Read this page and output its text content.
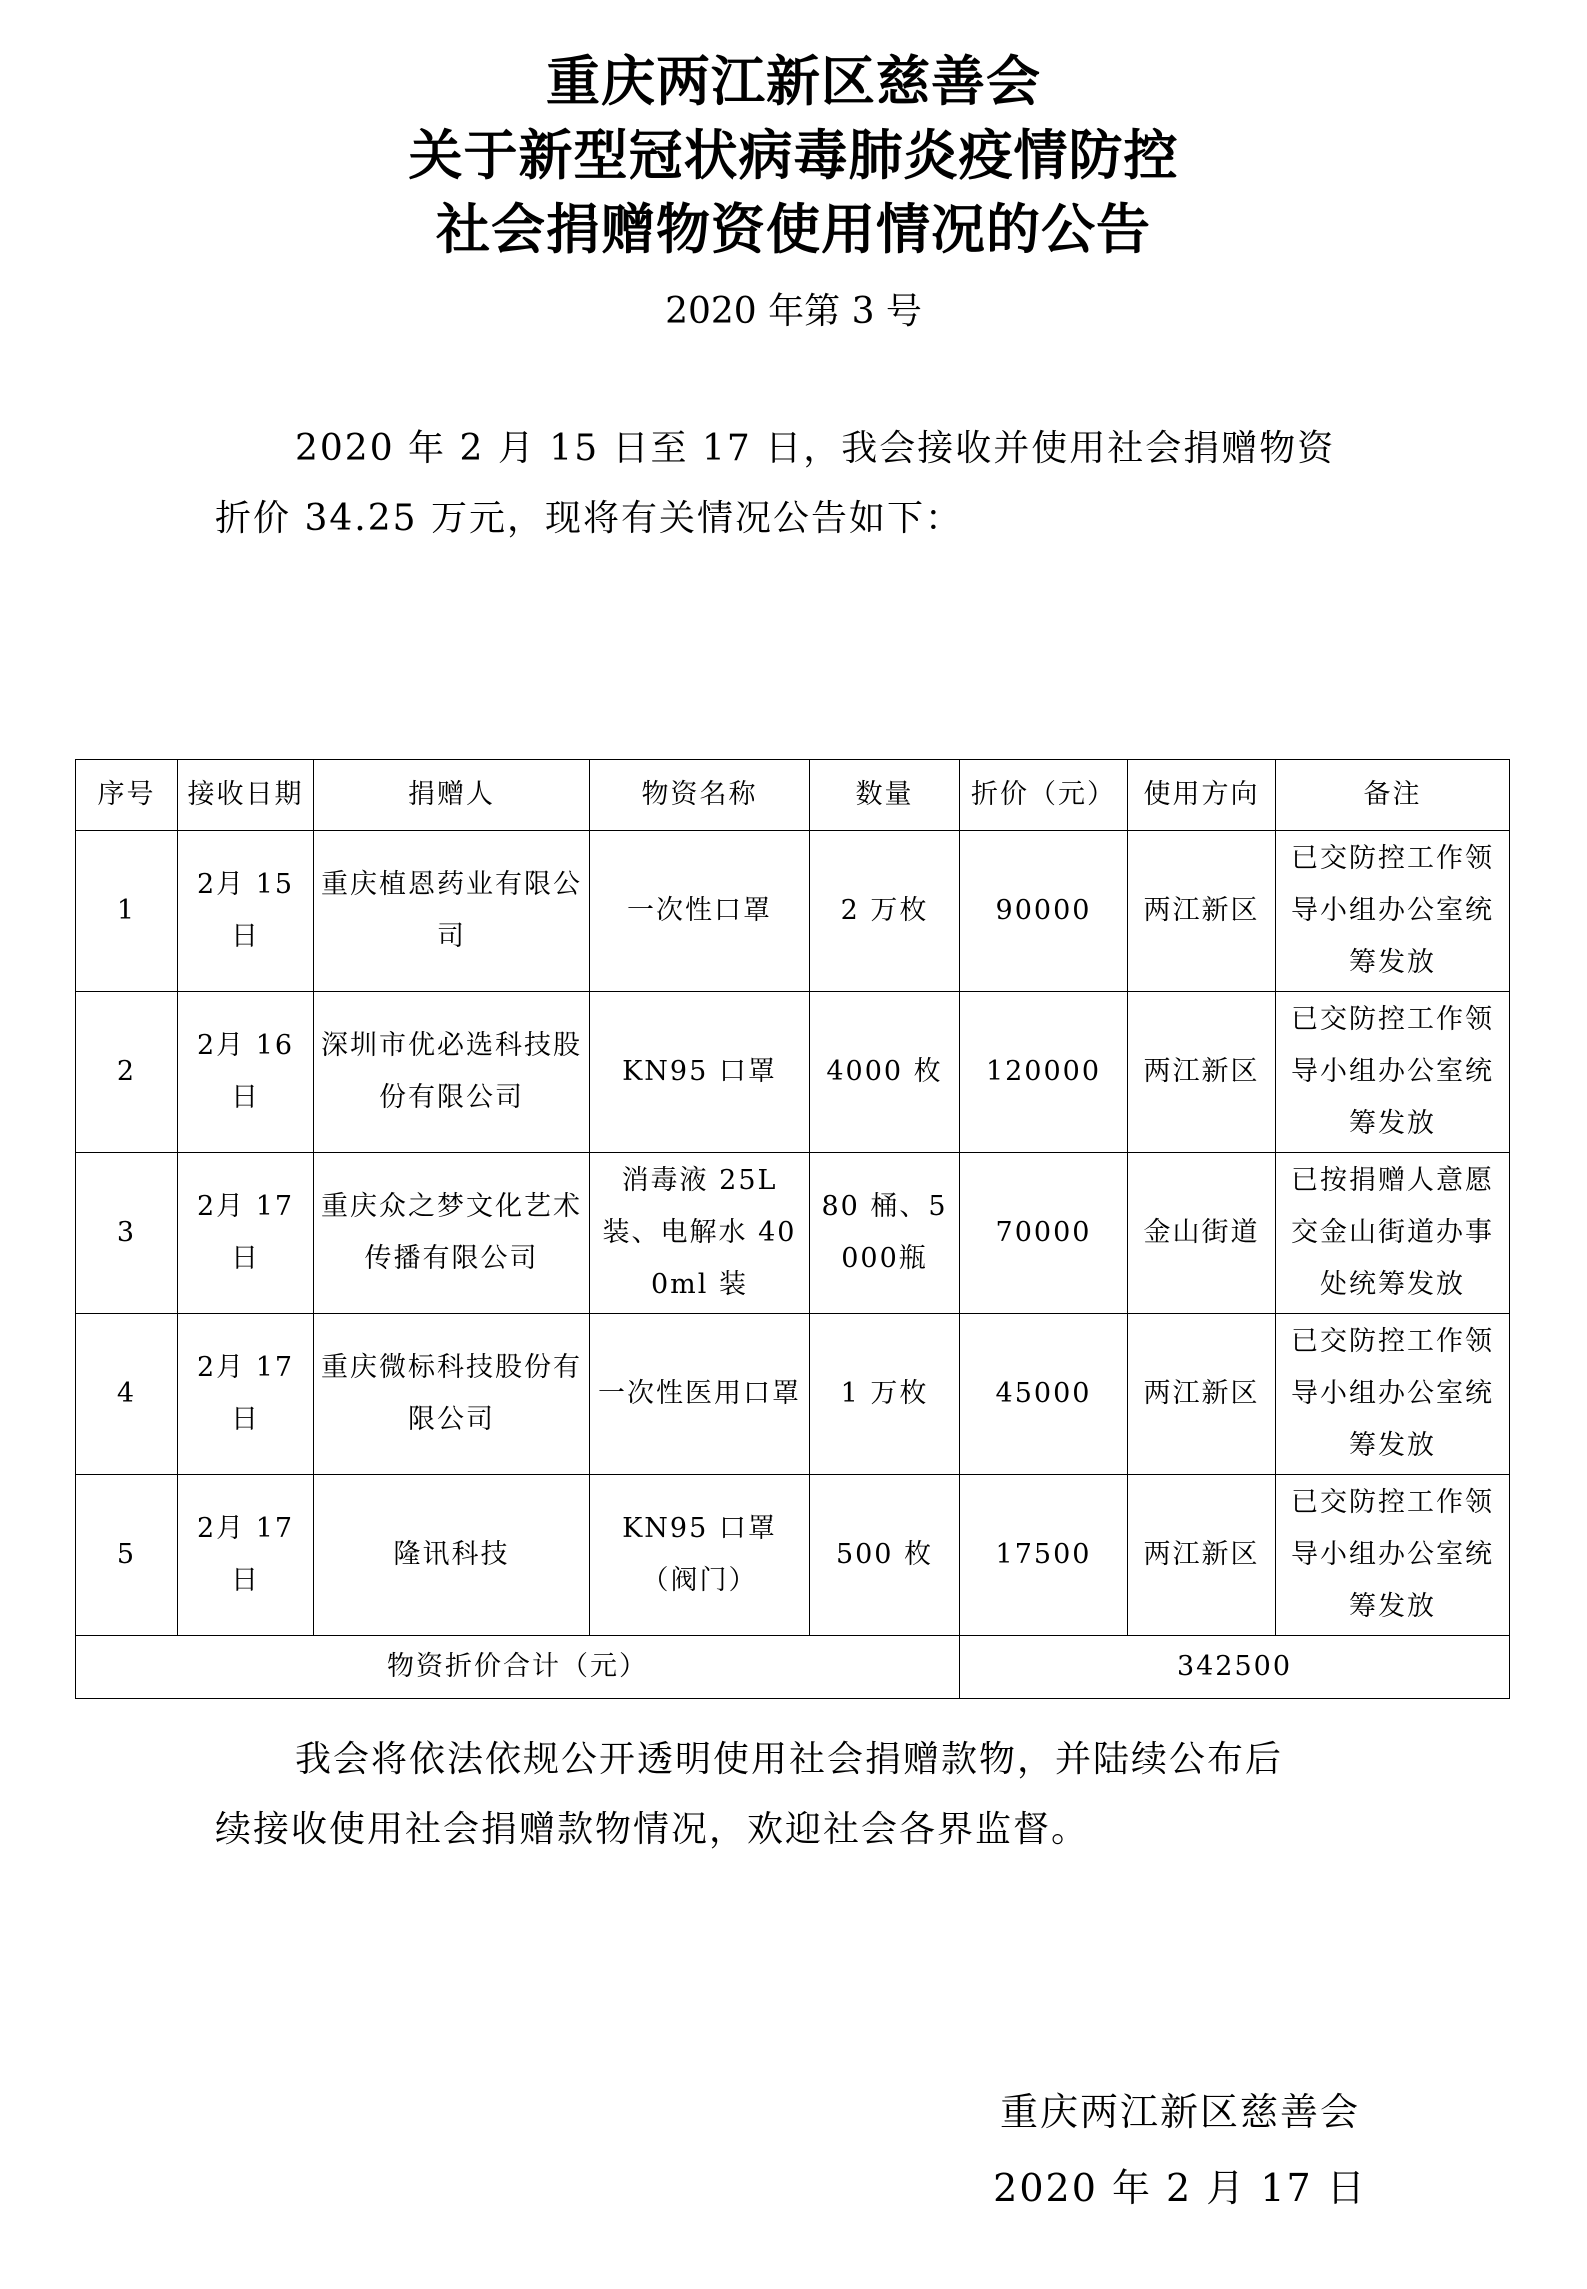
重庆两江新区慈善会
关于新型冠状病毒肺炎疫情防控
社会捐赠物资使用情况的公告
2020 年第 3 号
2020 年 2 月 15 日至 17 日，我会接收并使用社会捐赠物资
折价 34.25 万元，现将有关情况公告如下：
序号	接收日期	捐赠人	物资名称	数量	折价（元）	使用方向	备注
1	2月 15 日	重庆植恩药业有限公司	一次性口罩	2 万枚	90000	两江新区	已交防控工作领导小组办公室统筹发放
2	2月 16 日	深圳市优必选科技股份有限公司	KN95 口罩	4000 枚	120000	两江新区	已交防控工作领导小组办公室统筹发放
3	2月 17 日	重庆众之梦文化艺术传播有限公司	消毒液 25L 装、电解水 400ml 装	80 桶、5000瓶	70000	金山街道	已按捐赠人意愿交金山街道办事处统筹发放
4	2月 17 日	重庆微标科技股份有限公司	一次性医用口罩	1 万枚	45000	两江新区	已交防控工作领导小组办公室统筹发放
5	2月 17 日	隆讯科技	KN95 口罩（阀门）	500 枚	17500	两江新区	已交防控工作领导小组办公室统筹发放
物资折价合计（元）					342500		
我会将依法依规公开透明使用社会捐赠款物，并陆续公布后
续接收使用社会捐赠款物情况，欢迎社会各界监督。
重庆两江新区慈善会
2020 年 2 月 17 日
